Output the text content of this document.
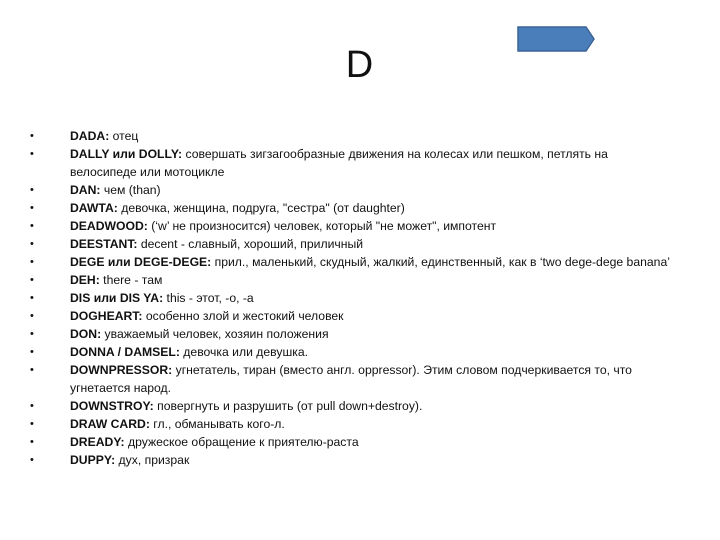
D
• DADA: отец
• DALLY или DOLLY: совершать зигзагообразные движения на колесах или пешком, петлять на велосипеде или мотоцикле
• DAN: чем (than)
• DAWTA: девочка, женщина, подруга, "сестра" (от daughter)
• DEADWOOD: (‘w’ не произносится) человек, который "не может", импотент
• DEESTANT: decent - славный, хороший, приличный
• DEGE или DEGE-DEGE: прил., маленький, скудный, жалкий, единственный, как в ‘two dege-dege banana’
• DEH: there - там
• DIS или DIS YA: this - этот, -о, -а
• DOGHEART: особенно злой и жестокий человек
• DON: уважаемый человек, хозяин положения
• DONNA / DAMSEL: девочка или девушка.
• DOWNPRESSOR: угнетатель, тиран (вместо англ. oppressor). Этим словом подчеркивается то, что угнетается народ.
• DOWNSTROY: повергнуть и разрушить (от pull down+destroy).
• DRAW CARD: гл., обманывать кого-л.
• DREADY: дружеское обращение к приятелю-раста
• DUPPY: дух, призрак
